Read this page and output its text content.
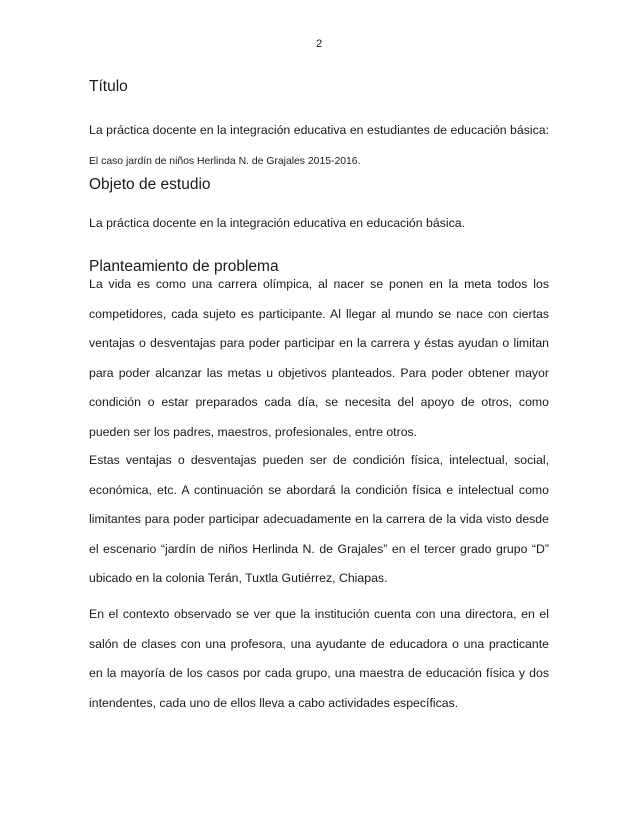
2
Título

La práctica docente en la integración educativa en estudiantes de educación básica: El caso jardín de niños Herlinda N. de Grajales 2015-2016.

Objeto de estudio

La práctica docente en la integración educativa en educación básica.

Planteamiento de problema

La vida es como una carrera olímpica, al nacer se ponen en la meta todos los competidores, cada sujeto es participante. Al llegar al mundo se nace con ciertas ventajas o desventajas para poder participar en la carrera y éstas ayudan o limitan para poder alcanzar las metas u objetivos planteados. Para poder obtener mayor condición o estar preparados cada día, se necesita del apoyo de otros, como pueden ser los padres, maestros, profesionales, entre otros.

Estas ventajas o desventajas pueden ser de condición física, intelectual, social, económica, etc. A continuación se abordará la condición física e intelectual como limitantes para poder participar adecuadamente en la carrera de la vida visto desde el escenario “jardín de niños Herlinda N. de Grajales” en el tercer grado grupo “D” ubicado en la colonia Terán, Tuxtla Gutiérrez, Chiapas.

En el contexto observado se ver que la institución cuenta con una directora, en el salón de clases con una profesora, una ayudante de educadora o una practicante en la mayoría de los casos por cada grupo, una maestra de educación física y dos intendentes, cada uno de ellos lleva a cabo actividades específicas.
